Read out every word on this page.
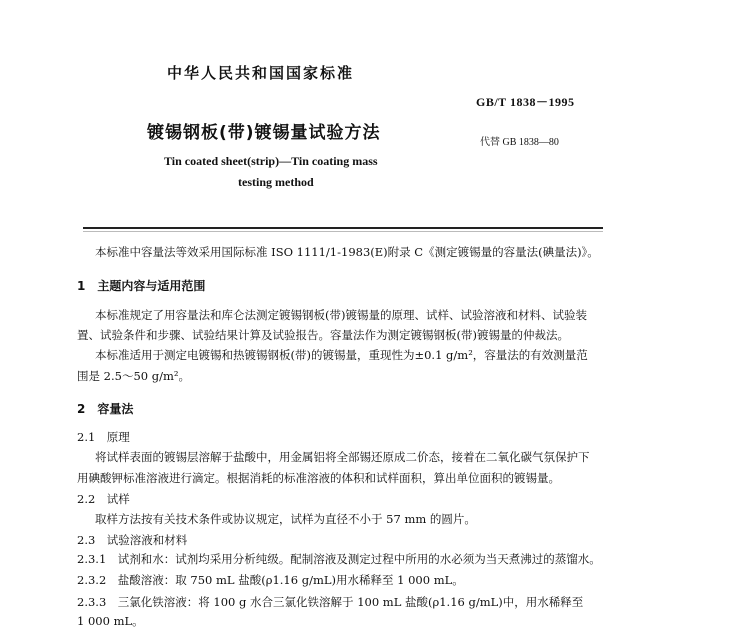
中华人民共和国国家标准
GB/T 1838－1995
镀锡钢板(带)镀锡量试验方法	代替 GB 1838—80
Tin coated sheet(strip)—Tin coating mass
testing method
本标准中容量法等效采用国际标准 ISO 1111/1-1983(E)附录 C《测定镀锡量的容量法(碘量法)》。
1　主题内容与适用范围
本标准规定了用容量法和库仑法测定镀锡钢板(带)镀锡量的原理、试样、试验溶液和材料、试验装
置、试验条件和步骤、试验结果计算及试验报告。容量法作为测定镀锡钢板(带)镀锡量的仲裁法。
本标准适用于测定电镀锡和热镀锡钢板(带)的镀锡量，重现性为±0.1 g/m²，容量法的有效测量范
围是 2.5～50 g/m²。
2　容量法
2.1　原理
将试样表面的镀锡层溶解于盐酸中，用金属铝将全部锡还原成二价态，接着在二氧化碳气氛保护下
用碘酸钾标准溶液进行滴定。根据消耗的标准溶液的体积和试样面积，算出单位面积的镀锡量。
2.2　试样
取样方法按有关技术条件或协议规定，试样为直径不小于 57 mm 的圆片。
2.3　试验溶液和材料
2.3.1　试剂和水：试剂均采用分析纯级。配制溶液及测定过程中所用的水必须为当天煮沸过的蒸馏水。
2.3.2　盐酸溶液：取 750 mL 盐酸(ρ1.16 g/mL)用水稀释至 1 000 mL。
2.3.3　三氯化铁溶液：将 100 g 水合三氯化铁溶解于 100 mL 盐酸(ρ1.16 g/mL)中，用水稀释至
1 000 mL。
